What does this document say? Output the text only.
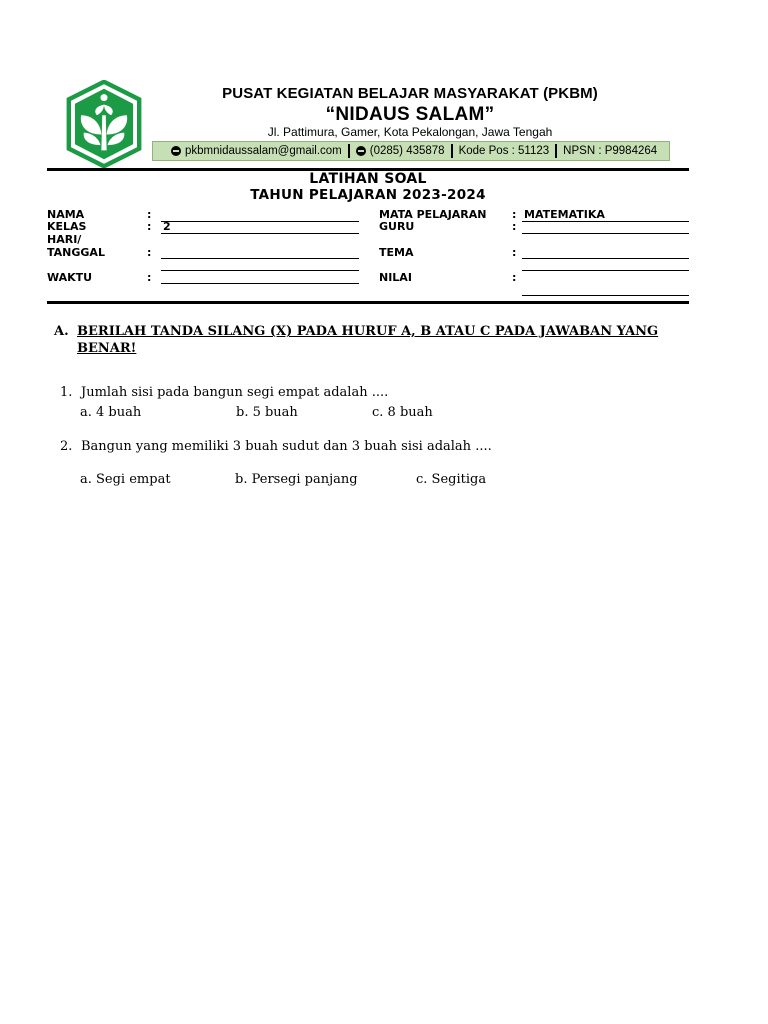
PUSAT KEGIATAN BELAJAR MASYARAKAT (PKBM)
“NIDAUS SALAM”
Jl. Pattimura, Gamer, Kota Pekalongan, Jawa Tengah
pkbmnidaussalam@gmail.com (0285) 435878 Kode Pos : 51123 NPSN : P9984264
LATIHAN SOAL
TAHUN PELAJARAN 2023-2024
NAMA	:
KELAS	: 2
HARI/
TANGGAL	:
WAKTU	:
MATA PELAJARAN : MATEMATIKA
GURU	:
TEMA	:
NILAI	:
A. BERILAH TANDA SILANG (X) PADA HURUF A, B ATAU C PADA JAWABAN YANG BENAR!
1. Jumlah sisi pada bangun segi empat adalah ....
a. 4 buah	b. 5 buah	c. 8 buah
2. Bangun yang memiliki 3 buah sudut dan 3 buah sisi adalah ....
a. Segi empat	b. Persegi panjang	c. Segitiga
